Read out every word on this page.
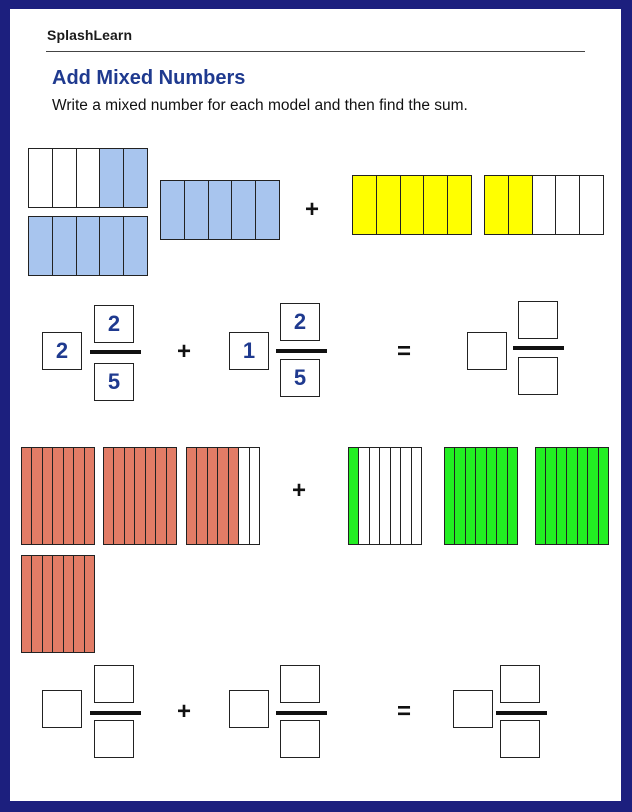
SplashLearn
Add Mixed Numbers
Write a mixed number for each model and then find the sum.
+
2
2
5
+	1
2
5
=
+
+	=
